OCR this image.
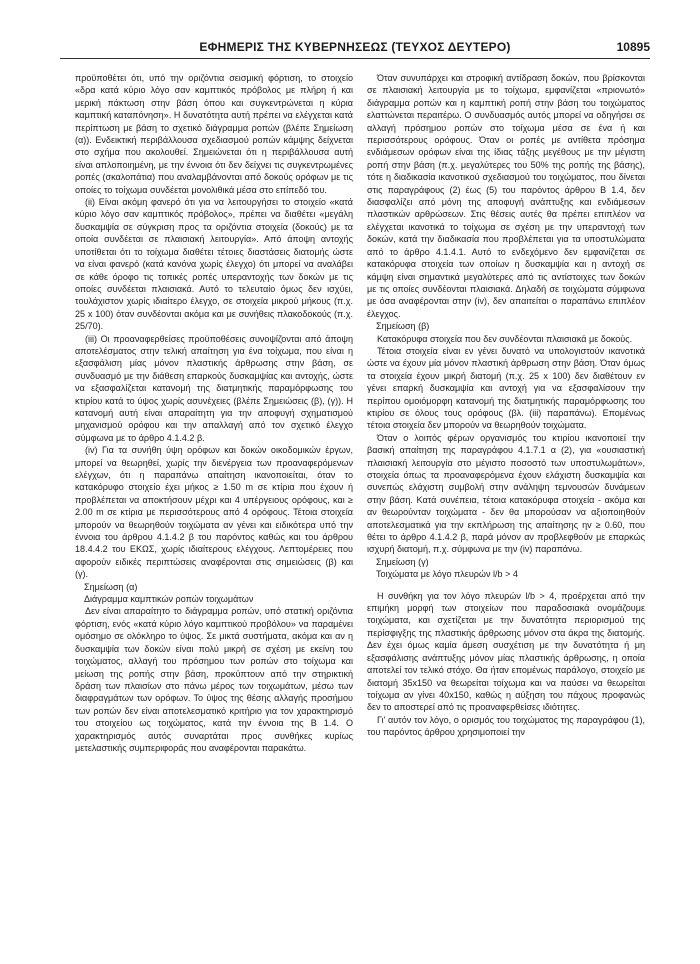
ΕΦΗΜΕΡΙΣ ΤΗΣ ΚΥΒΕΡΝΗΣΕΩΣ (ΤΕΥΧΟΣ ΔΕΥΤΕΡΟ)	10895

προϋποθέτει ότι, υπό την οριζόντια σεισμική φόρτιση, το στοιχείο «δρα κατά κύριο λόγο σαν καμπτικός πρόβολος με πλήρη ή και μερική πάκτωση στην βάση όπου και συγκεντρώνεται η κύρια καμπτική καταπόνηση». Η δυνατότητα αυτή πρέπει να ελέγχεται κατά περίπτωση με βάση το σχετικό διάγραμμα ροπών (βλέπε Σημείωση (α)). Ενδεικτική περιβάλλουσα σχεδιασμού ροπών κάμψης δείχνεται στο σχήμα που ακολουθεί. Σημειώνεται ότι η περιβάλλουσα αυτή είναι απλοποιημένη, με την έννοια ότι δεν δείχνει τις συγκεντρωμένες ροπές (σκαλοπάτια) που αναλαμβάνονται από δοκούς ορόφων με τις οποίες το τοίχωμα συνδέεται μονολιθικά μέσα στο επίπεδό του.

(ii) Είναι ακόμη φανερό ότι για να λειτουργήσει το στοιχείο «κατά κύριο λόγο σαν καμπτικός πρόβολος», πρέπει να διαθέτει «μεγάλη δυσκαμψία σε σύγκριση προς τα οριζόντια στοιχεία (δοκούς) με τα οποία συνδέεται σε πλαισιακή λειτουργία». Από άποψη αντοχής υποτίθεται ότι το τοίχωμα διαθέτει τέτοιες διαστάσεις διατομής ώστε να είναι φανερό (κατά κανόνα χωρίς έλεγχο) ότι μπορεί να αναλάβει σε κάθε όροφο τις τοπικές ροπές υπεραντοχής των δοκών με τις οποίες συνδέεται πλαισιακά. Αυτό το τελευταίο όμως δεν ισχύει, τουλάχιστον χωρίς ιδιαίτερο έλεγχο, σε στοιχεία μικρού μήκους (π.χ. 25 x 100) όταν συνδέονται ακόμα και με συνήθεις πλακοδοκούς (π.χ. 25/70).

(iii) Οι προαναφερθείσες προϋποθέσεις συνοψίζονται από άποψη αποτελέσματος στην τελική απαίτηση για ένα τοίχωμα, που είναι η εξασφάλιση μίας μόνον πλαστικής άρθρωσης στην βάση, σε συνδυασμό με την διάθεση επαρκούς δυσκαμψίας και αντοχής, ώστε να εξασφαλίζεται κατανομή της διατμητικής παραμόρφωσης του κτιρίου κατά το ύψος χωρίς ασυνέχειες (βλέπε Σημειώσεις (β), (γ)). Η κατανομή αυτή είναι απαραίτητη για την αποφυγή σχηματισμού μηχανισμού ορόφου και την απαλλαγή από τον σχετικό έλεγχο σύμφωνα με το άρθρο 4.1.4.2 β.

(iv) Για τα συνήθη ύψη ορόφων και δοκών οικοδομικών έργων, μπορεί να θεωρηθεί, χωρίς την διενέργεια των προαναφερόμενων ελέγχων, ότι η παραπάνω απαίτηση ικανοποιείται, όταν το κατακόρυφο στοιχείο έχει μήκος ≥ 1.50 m σε κτίρια που έχουν ή προβλέπεται να αποκτήσουν μέχρι και 4 υπέργειους ορόφους, και ≥ 2.00 m σε κτίρια με περισσότερους από 4 ορόφους. Τέτοια στοιχεία μπορούν να θεωρηθούν τοιχώματα αν γένει και ειδικότερα υπό την έννοια του άρθρου 4.1.4.2 β του παρόντος καθώς και του άρθρου 18.4.4.2 του ΕΚΩΣ, χωρίς ιδιαίτερους ελέγχους. Λεπτομέρειες που αφορούν ειδικές περιπτώσεις αναφέρονται στις σημειώσεις (β) και (γ).

Σημείωση (α)

Διάγραμμα καμπτικών ροπών τοιχωμάτων

Δεν είναι απαραίτητο το διάγραμμα ροπών, υπό στατική οριζόντια φόρτιση, ενός «κατά κύριο λόγο καμπτικού προβόλου» να παραμένει ομόσημο σε ολόκληρο το ύψος. Σε μικτά συστήματα, ακόμα και αν η δυσκαμψία των δοκών είναι πολύ μικρή σε σχέση με εκείνη του τοιχώματος, αλλαγή του πρόσημου των ροπών στο τοίχωμα και μείωση της ροπής στην βάση, προκύπτουν από την στηρικτική δράση των πλαισίων στο πάνω μέρος των τοιχωμάτων, μέσω των διαφραγμάτων των ορόφων. Το ύψος της θέσης αλλαγής προσήμου των ροπών δεν είναι αποτελεσματικό κριτήριο για τον χαρακτηρισμό του στοιχείου ως τοιχώματος, κατά την έννοια της Β 1.4. Ο χαρακτηρισμός αυτός συναρτάται προς συνθήκες κυρίως μετελαστικής συμπεριφοράς που αναφέρονται παρακάτω.

Όταν συνυπάρχει και στροφική αντίδραση δοκών, που βρίσκονται σε πλαισιακή λειτουργία με το τοίχωμα, εμφανίζεται «πριονωτό» διάγραμμα ροπών και η καμπτική ροπή στην βάση του τοιχώματος ελαττώνεται περαιτέρω. Ο συνδυασμός αυτός μπορεί να οδηγήσει σε αλλαγή πρόσημου ροπών στο τοίχωμα μέσα σε ένα ή και περισσότερους ορόφους. Όταν οι ροπές με αντίθετα πρόσημα ενδιάμεσων ορόφων είναι της ίδιας τάξης μεγέθους με την μέγιστη ροπή στην βάση (π.χ. μεγαλύτερες του 50% της ροπής της βάσης), τότε η διαδικασία ικανοτικού σχεδιασμού του τοιχώματος, που δίνεται στις παραγράφους (2) έως (5) του παρόντος άρθρου Β 1.4, δεν διασφαλίζει από μόνη της αποφυγή ανάπτυξης και ενδιάμεσων πλαστικών αρθρώσεων. Στις θέσεις αυτές θα πρέπει επιπλέον να ελέγχεται ικανοτικά το τοίχωμα σε σχέση με την υπεραντοχή των δοκών, κατά την διαδικασία που προβλέπεται για τα υποστυλώματα από το άρθρο 4.1.4.1. Αυτό το ενδεχόμενο δεν εμφανίζεται σε κατακόρυφα στοιχεία των οποίων η δυσκαμψία και η αντοχή σε κάμψη είναι σημαντικά μεγαλύτερες από τις αντίστοιχες των δοκών με τις οποίες συνδέονται πλαισιακά. Δηλαδή σε τοιχώματα σύμφωνα με όσα αναφέρονται στην (iv), δεν απαιτείται ο παραπάνω επιπλέον έλεγχος.

Σημείωση (β)

Κατακόρυφα στοιχεία που δεν συνδέονται πλαισιακά με δοκούς.

Τέτοια στοιχεία είναι εν γένει δυνατό να υπολογιστούν ικανοτικά ώστε να έχουν μία μόνον πλαστική άρθρωση στην βάση. Όταν όμως τα στοιχεία έχουν μικρή διατομή (π.χ. 25 x 100) δεν διαθέτουν εν γένει επαρκή δυσκαμψία και αντοχή για να εξασφαλίσουν την περίπου ομοιόμορφη κατανομή της διατμητικής παραμόρφωσης του κτιρίου σε όλους τους ορόφους (βλ. (iii) παραπάνω). Επομένως τέτοια στοιχεία δεν μπορούν να θεωρηθούν τοιχώματα.

Όταν ο λοιπός φέρων οργανισμός του κτιρίου ικανοποιεί την βασική απαίτηση της παραγράφου 4.1.7.1 α (2), για «ουσιαστική πλαισιακή λειτουργία στο μέγιστο ποσοστό των υποστυλωμάτων», στοιχεία όπως τα προαναφερόμενα έχουν ελάχιστη δυσκαμψία και συνεπώς ελάχιστη συμβολή στην ανάληψη τεμνουσών δυνάμεων στην βάση. Κατά συνέπεια, τέτοια κατακόρυφα στοιχεία - ακόμα και αν θεωρούνταν τοιχώματα - δεν θα μπορούσαν να αξιοποιηθούν αποτελεσματικά για την εκπλήρωση της απαίτησης ηv ≥ 0.60, που θέτει το άρθρο 4.1.4.2 β, παρά μόνον αν προβλεφθούν με επαρκώς ισχυρή διατομή, π.χ. σύμφωνα με την (iv) παραπάνω.

Σημείωση (γ)

Τοιχώματα με λόγο πλευρών l/b > 4

Η συνθήκη για τον λόγο πλευρών l/b > 4, προέρχεται από την επιμήκη μορφή των στοιχείων που παραδοσιακά ονομάζουμε τοιχώματα, και σχετίζεται με την δυνατότητα περιορισμού της περίσφιγξης της πλαστικής άρθρωσης μόνον στα άκρα της διατομής. Δεν έχει όμως καμία άμεση συσχέτιση με την δυνατότητα ή μη εξασφάλισης ανάπτυξης μόνον μίας πλαστικής άρθρωσης, η οποία αποτελεί τον τελικό στόχο. Θα ήταν επομένως παράλογο, στοιχείο με διατομή 35x150 να θεωρείται τοίχωμα και να παύσει να θεωρείται τοίχωμα αν γίνει 40x150, καθώς η αύξηση του πάχους προφανώς δεν το αποστερεί από τις προαναφερθείσες ιδιότητες.

Γι' αυτόν τον λόγο, ο ορισμός του τοιχώματος της παραγράφου (1), του παρόντος άρθρου χρησιμοποιεί την
